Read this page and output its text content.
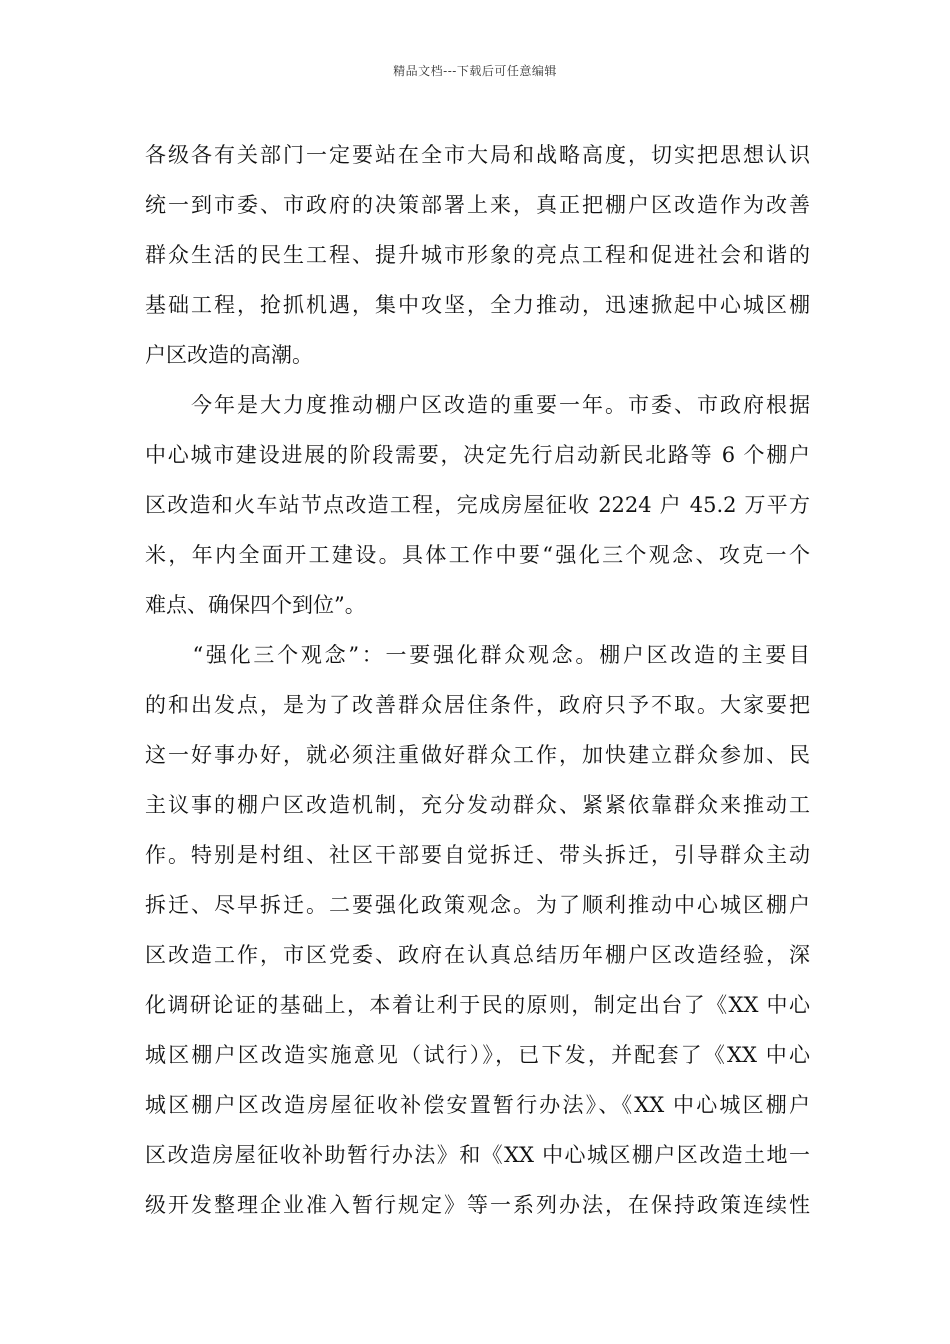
精品文档---下载后可任意编辑
各级各有关部门一定要站在全市大局和战略高度，切实把思想认识
统一到市委、市政府的决策部署上来，真正把棚户区改造作为改善
群众生活的民生工程、提升城市形象的亮点工程和促进社会和谐的
基础工程，抢抓机遇，集中攻坚，全力推动，迅速掀起中心城区棚
户区改造的高潮。
　　今年是大力度推动棚户区改造的重要一年。市委、市政府根据
中心城市建设进展的阶段需要，决定先行启动新民北路等 6 个棚户
区改造和火车站节点改造工程，完成房屋征收 2224 户 45.2 万平方
米，年内全面开工建设。具体工作中要“强化三个观念、攻克一个
难点、确保四个到位”。
　　“强化三个观念”：一要强化群众观念。棚户区改造的主要目
的和出发点，是为了改善群众居住条件，政府只予不取。大家要把
这一好事办好，就必须注重做好群众工作，加快建立群众参加、民
主议事的棚户区改造机制，充分发动群众、紧紧依靠群众来推动工
作。特别是村组、社区干部要自觉拆迁、带头拆迁，引导群众主动
拆迁、尽早拆迁。二要强化政策观念。为了顺利推动中心城区棚户
区改造工作，市区党委、政府在认真总结历年棚户区改造经验，深
化调研论证的基础上，本着让利于民的原则，制定出台了《XX 中心
城区棚户区改造实施意见（试行）》，已下发，并配套了《XX 中心
城区棚户区改造房屋征收补偿安置暂行办法》、《XX 中心城区棚户
区改造房屋征收补助暂行办法》和《XX 中心城区棚户区改造土地一
级开发整理企业准入暂行规定》等一系列办法，在保持政策连续性
